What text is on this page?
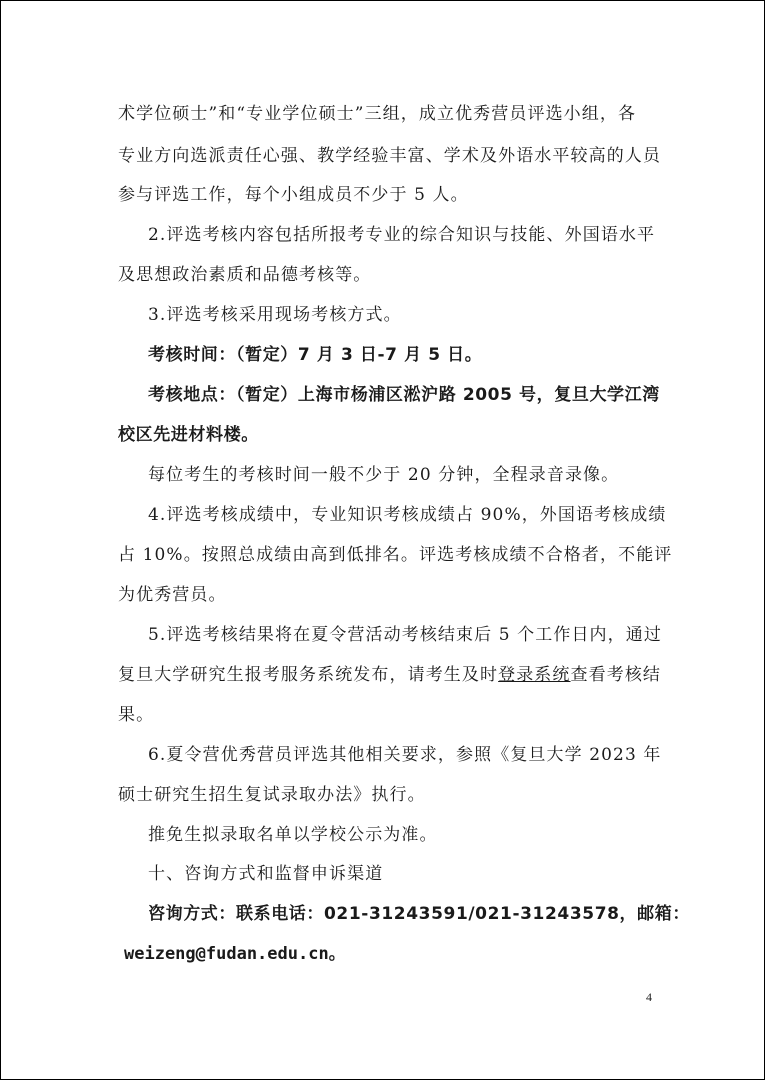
术学位硕士”和“专业学位硕士”三组，成立优秀营员评选小组，各
专业方向选派责任心强、教学经验丰富、学术及外语水平较高的人员
参与评选工作，每个小组成员不少于 5 人。
2.评选考核内容包括所报考专业的综合知识与技能、外国语水平
及思想政治素质和品德考核等。
3.评选考核采用现场考核方式。
考核时间：（暂定）7 月 3 日-7 月 5 日。
考核地点：（暂定）上海市杨浦区淞沪路 2005 号，复旦大学江湾
校区先进材料楼。
每位考生的考核时间一般不少于 20 分钟，全程录音录像。
4.评选考核成绩中，专业知识考核成绩占 90%，外国语考核成绩
占 10%。按照总成绩由高到低排名。评选考核成绩不合格者，不能评
为优秀营员。
5.评选考核结果将在夏令营活动考核结束后 5 个工作日内，通过
复旦大学研究生报考服务系统发布，请考生及时登录系统查看考核结
果。
6.夏令营优秀营员评选其他相关要求，参照《复旦大学 2023 年
硕士研究生招生复试录取办法》执行。
推免生拟录取名单以学校公示为准。
十、咨询方式和监督申诉渠道
咨询方式：联系电话：021-31243591/021-31243578，邮箱：
weizeng@fudan.edu.cn。
4
